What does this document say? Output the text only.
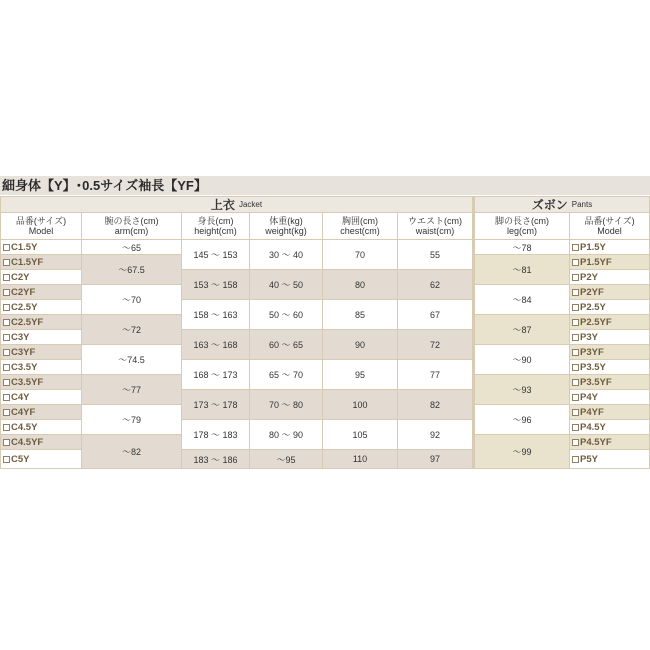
細身体【Y】･0.5サイズ袖長【YF】
上衣 Jacket	ズボン Pants
品番(サイズ)
Model
腕の長さ(cm)
arm(cm)
身長(cm)
height(cm)
体重(kg)
weight(kg)
胸囲(cm)
chest(cm)
ウエスト(cm)
waist(cm)
脚の長さ(cm)
leg(cm)
品番(サイズ)
Model
C1.5Y
C1.5YF
C2Y
C2YF
C2.5Y
C2.5YF
C3Y
C3YF
C3.5Y
C3.5YF
C4Y
C4YF
C4.5Y
C4.5YF
C5Y
～65
～67.5
～70
～72
～74.5
～77
～79
～82
145 ～ 153
153 ～ 158
158 ～ 163
163 ～ 168
168 ～ 173
173 ～ 178
178 ～ 183
183 ～ 186
30 ～ 40
40 ～ 50
50 ～ 60
60 ～ 65
65 ～ 70
70 ～ 80
80 ～ 90
～95
70
80
85
90
95
100
105
110
55
62
67
72
77
82
92
97
～78
～81
～84
～87
～90
～93
～96
～99
P1.5Y
P1.5YF
P2Y
P2YF
P2.5Y
P2.5YF
P3Y
P3YF
P3.5Y
P3.5YF
P4Y
P4YF
P4.5Y
P4.5YF
P5Y
